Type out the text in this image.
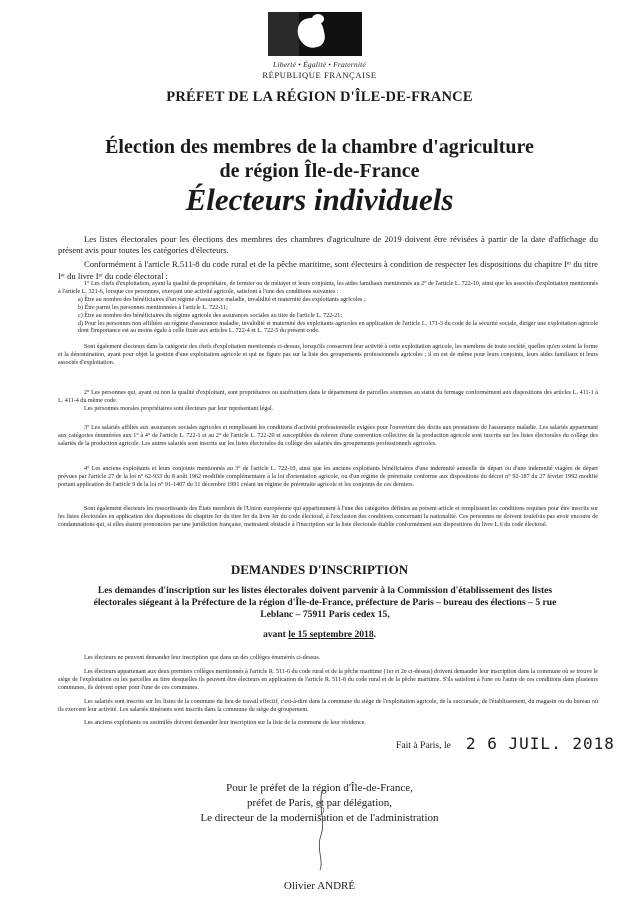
Liberté • Égalité • Fraternité
RÉPUBLIQUE FRANÇAISE
PRÉFET DE LA RÉGION D'ÎLE-DE-FRANCE
Élection des membres de la chambre d'agriculture
de région Île-de-France
Électeurs individuels

Les listes électorales pour les élections des membres des chambres d'agriculture de 2019 doivent être révisées à partir de la date d'affichage du présent avis pour toutes les catégories d'électeurs.

Conformément à l'article R.511-8 du code rural et de la pêche maritime, sont électeurs à condition de respecter les dispositions du chapitre Iᵉʳ du titre Iᵉʳ du livre Iᵉʳ du code électoral :

1° Les chefs d'exploitation, ayant la qualité de propriétaire, de fermier ou de métayer et leurs conjoints, les aides familiaux mentionnés au 2° de l'article L. 722-10, ainsi que les associés d'exploitation mentionnés à l'article L. 321-6, lorsque ces personnes, exerçant une activité agricole, satisfont à l'une des conditions suivantes :

a) Être au nombre des bénéficiaires d'un régime d'assurance maladie, invalidité et maternité des exploitants agricoles ;

b) Être parmi les personnes mentionnées à l'article L. 722-11;

c) Être au nombre des bénéficiaires du régime agricole des assurances sociales au titre de l'article L. 722-21;

d) Pour les personnes non affiliées au régime d'assurance maladie, invalidité et maternité des exploitants agricoles en application de l'article L. 171-3 du code de la sécurité sociale, diriger une exploitation agricole dont l'importance est au moins égale à celle fixée aux articles L. 722-4 et L. 722-5 du présent code.

Sont également électeurs dans la catégorie des chefs d'exploitation mentionnés ci-dessus, lorsqu'ils consacrent leur activité à cette exploitation agricole, les membres de toute société, quelles qu'en soient la forme et la dénomination, ayant pour objet la gestion d'une exploitation agricole et qui ne figure pas sur la liste des groupements professionnels agricoles ; il en est de même pour leurs conjoints, leurs aides familiaux et leurs associés d'exploitation.

2° Les personnes qui, ayant ou non la qualité d'exploitant, sont propriétaires ou usufruitiers dans le département de parcelles soumises au statut du fermage conformément aux dispositions des articles L. 411-1 à L. 411-4 du même code.

Les personnes morales propriétaires sont électeurs par leur représentant légal.

3° Les salariés affiliés aux assurances sociales agricoles et remplissant les conditions d'activité professionnelle exigées pour l'ouverture des droits aux prestations de l'assurance maladie. Les salariés appartenant aux catégories énumérées aux 1° à 4° de l'article L. 722-1 et au 2° de l'article L. 722-20 et susceptibles de relever d'une convention collective de la production agricole sont inscrits sur les listes électorales du collège des salariés de la production agricole. Les autres salariés sont inscrits sur les listes électorales du collège des salariés des groupements professionnels agricoles.

4° Les anciens exploitants et leurs conjoints mentionnés au 3° de l'article L. 722-10, ainsi que les anciens exploitants bénéficiaires d'une indemnité annuelle de départ ou d'une indemnité viagère de départ prévues par l'article 27 de la loi n° 62-933 du 8 août 1962 modifiée complémentaire à la loi d'orientation agricole, ou d'un régime de préretraite conforme aux dispositions du décret n° 92-187 du 27 février 1992 modifié portant application de l'article 9 de la loi n° 91-1407 du 31 décembre 1991 créant un régime de préretraite agricole et les conjoints de ces derniers.

Sont également électeurs les ressortissants des États membres de l'Union européenne qui appartiennent à l'une des catégories définies au présent article et remplissent les conditions requises pour être inscrits sur les listes électorales en application des dispositions du chapitre Ier du titre Ier du livre Ier du code électoral, à l'exclusion des conditions concernant la nationalité. Ces personnes ne doivent toutefois pas avoir encouru de condamnations qui, si elles étaient prononcées par une juridiction française, mettraient obstacle à l'inscription sur la liste électorale établie conformément aux dispositions du livre L.6 du code électoral.

DEMANDES D'INSCRIPTION
Les demandes d'inscription sur les listes électorales doivent parvenir à la Commission d'établissement des listes électorales siégeant à la Préfecture de la région d'Île-de-France, préfecture de Paris – bureau des élections – 5 rue Leblanc – 75911 Paris cedex 15,
avant le 15 septembre 2018.

Les électeurs ne peuvent demander leur inscription que dans un des collèges énumérés ci-dessus.

Les électeurs appartenant aux deux premiers collèges mentionnés à l'article R. 511-6 du code rural et de la pêche maritime (1er et 2e ci-dessus) doivent demander leur inscription dans la commune où se trouve le siège de l'exploitation ou les parcelles au titre desquelles ils peuvent être électeurs en application de l'article R. 511-8 du code rural et de la pêche maritime. S'ils satisfont à l'une ou l'autre de ces conditions dans plusieurs communes, ils doivent opter pour l'une de ces communes.

Les salariés sont inscrits sur les listes de la commune du lieu de travail effectif, c'est-à-dire dans la commune du siège de l'exploitation agricole, de la succursale, de l'établissement, du magasin ou du bureau où ils exercent leur activité. Les salariés itinérants sont inscrits dans la commune du siège du groupement.

Les anciens exploitants ou assimilés doivent demander leur inscription sur la liste de la commune de leur résidence.

Fait à Paris, le 2 6 JUIL. 2018
Pour le préfet de la région d'Île-de-France,
préfet de Paris, et par délégation,
Le directeur de la modernisation et de l'administration
Olivier ANDRÉ
